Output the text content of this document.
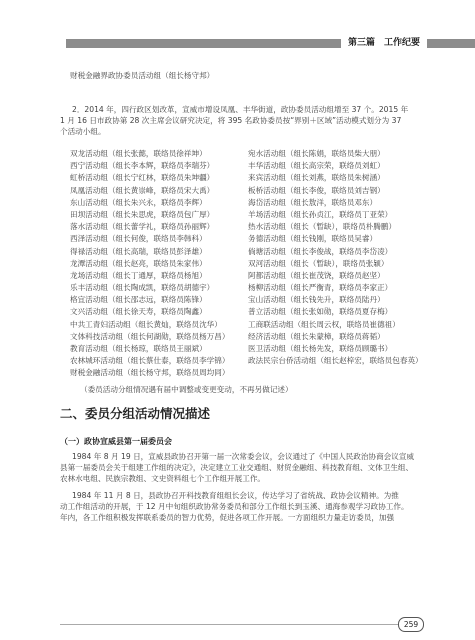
第三篇　工作纪要
财税金融界政协委员活动组（组长杨守邦）
2．2014 年，四行政区划改革，宣威市增设凤凰、丰华街道，政协委员活动组增至 37 个。2015 年
1 月 16 日市政协第 28 次主席会议研究决定，将 395 名政协委员按“界别＋区域”活动模式划分为 37
个活动小组。
双龙活动组（组长张懿，联络员徐祥坤）
西宁活动组（组长李本辉，联络员李瑞芬）
虹桥活动组（组长宁红林，联络员朱坤疆）
凤凰活动组（组长黄崇峰，联络员宋大禹）
东山活动组（组长朱兴永，联络员李辉）
田坝活动组（组长朱思虎，联络员包广厚）
落水活动组（组长蕾学礼，联络员孙丽辉）
西泽活动组（组长何俊，联络员李韩科）
得禄活动组（组长高瑞，联络员彭泽雄）
龙潭活动组（组长赵亮，联络员朱家伟）
龙场活动组（组长丁通厚，联络员杨旭）
乐丰活动组（组长陶成凯，联络员胡德宇）
格宜活动组（组长邵志远，联络员陈锋）
文兴活动组（组长徐天寿，联络员陶鑫）
中共工青妇活动组（组长黄灿，联络员沈华）
文体科技活动组（组长何湖勋，联络员杨万昌）
教育活动组（组长杨琼，联络员王丽斌）
农林城环活动组（组长蔡仕泰，联络员李学锦）
财税金融活动组（组长杨守邦，联络员周均同）
宛水活动组（组长陈娟，联络员柴大朋）
丰华活动组（组长高宗荣，联络员刘虹）
来宾活动组（组长刘燕，联络员朱树涵）
板桥活动组（组长李俊，联络员刘吉钢）
海岱活动组（组长敖洋，联络员邓东）
羊场活动组（组长孙贞江，联络员丁亚荣）
热水活动组（组长（暂缺），联络员朴腾鹏）
务德活动组（组长钱刚，联络员吴睿）
倘塘活动组（组长李俊战，联络员李岱凌）
双河活动组（组长（暂缺），联络员张颖）
阿都活动组（组长崔茂饶，联络员赵坚）
杨柳活动组（组长严衡青，联络员李家正）
宝山活动组（组长钱先升，联络员陆丹）
普立活动组（组长张如勋，联络员夏存梅）
工商联活动组（组长周云权，联络员崔德祖）
经济活动组（组长朱蒙樟，联络员蒋韬）
医卫活动组（组长杨先发，联络员顾璐书）
政法民宗台侨活动组（组长赵梓宏，联络员包春英）
（委员活动分组情况遇有届中调整或变更变动，不再另做记述）
二、委员分组活动情况描述
（一）政协宣威县第一届委员会
1984 年 8 月 19 日，宣威县政协召开第一届一次常委会议，会议通过了《中国人民政治协商会议宣威
县第一届委员会关于组建工作组的决定》，决定建立工业交通组、财贸金融组、科技教育组、文体卫生组、
农林水电组、民族宗教组、文史资料组七个工作组开展工作。
1984 年 11 月 8 日，县政协召开科技教育组组长会议，传达学习了省统战、政协会议精神。为推
动工作组活动的开展，于 12 月中旬组织政协常务委员和部分工作组长到玉溪、通海参观学习政协工作。
年内，各工作组积极发挥联系委员的智力优势，促进各项工作开展。一方面组织力量走访委员，加强
259
